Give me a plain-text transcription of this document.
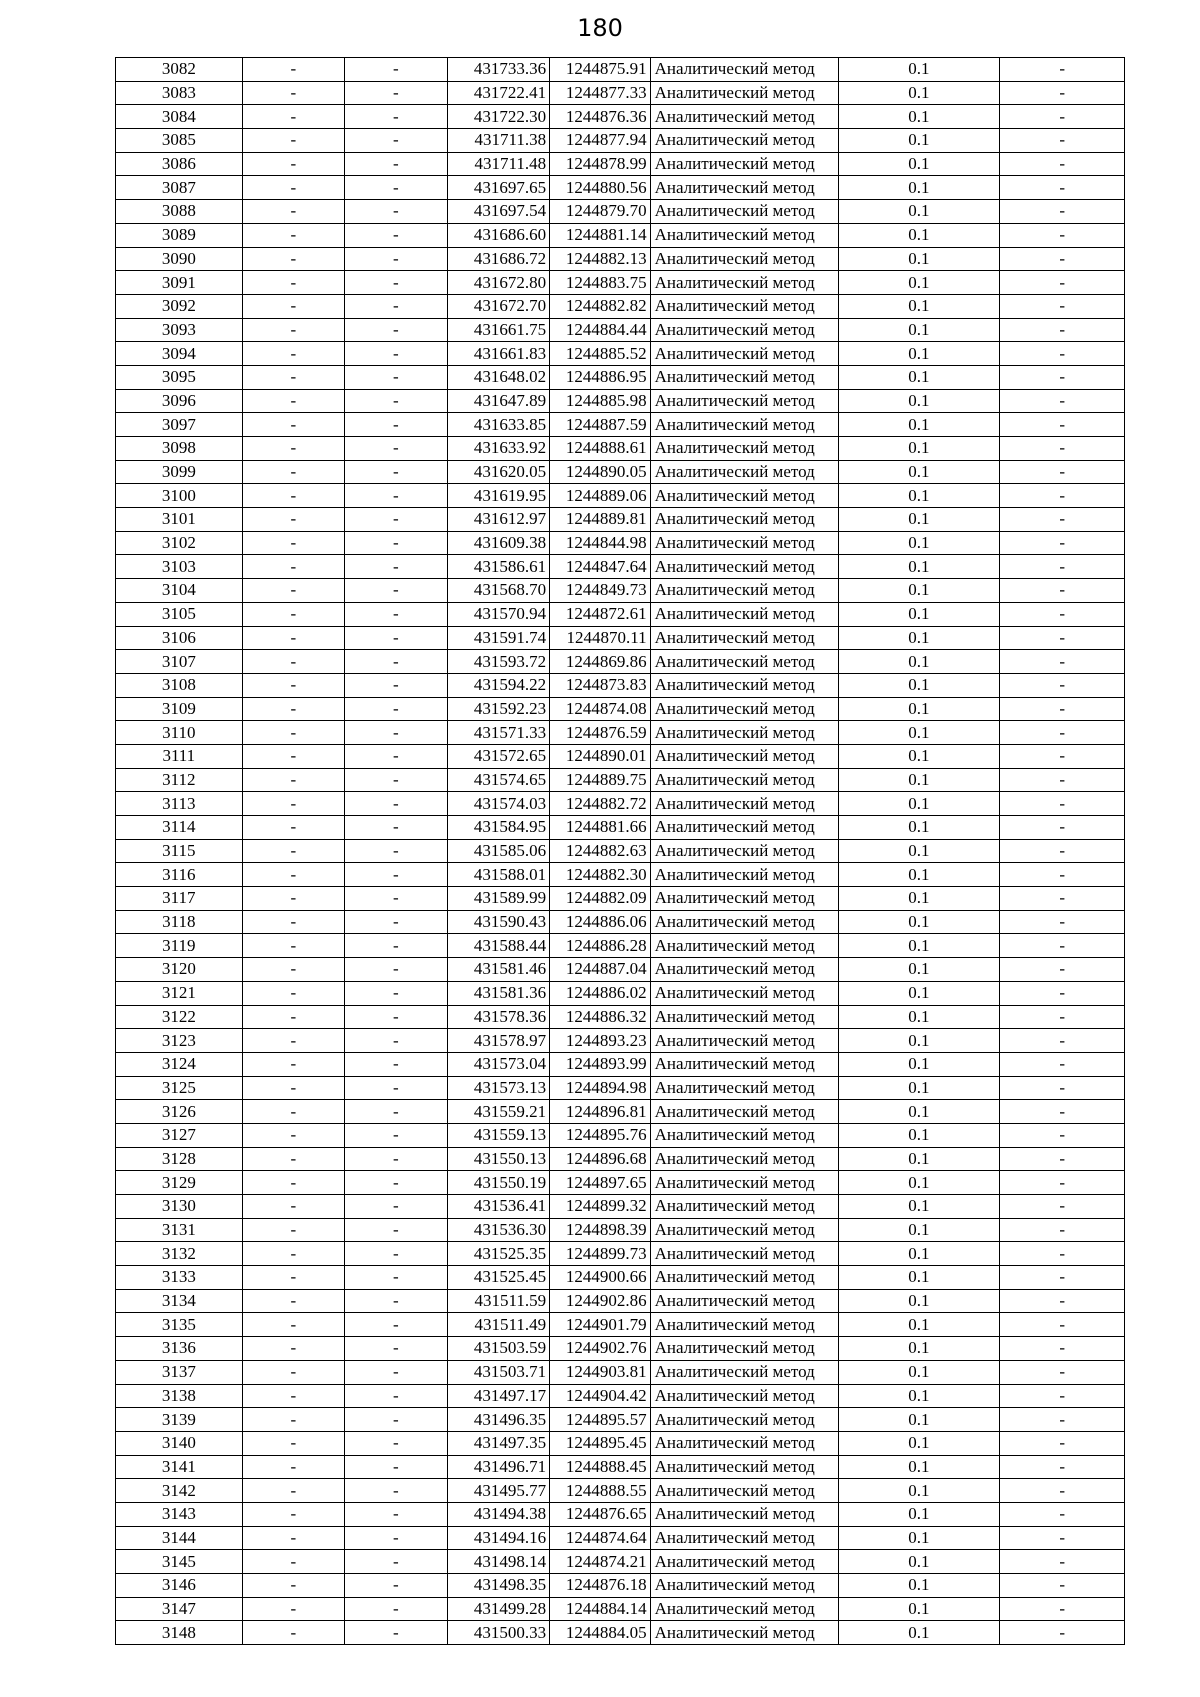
180
3082	-	-	431733.36	1244875.91	Аналитический метод	0.1	-
3083	-	-	431722.41	1244877.33	Аналитический метод	0.1	-
3084	-	-	431722.30	1244876.36	Аналитический метод	0.1	-
3085	-	-	431711.38	1244877.94	Аналитический метод	0.1	-
3086	-	-	431711.48	1244878.99	Аналитический метод	0.1	-
3087	-	-	431697.65	1244880.56	Аналитический метод	0.1	-
3088	-	-	431697.54	1244879.70	Аналитический метод	0.1	-
3089	-	-	431686.60	1244881.14	Аналитический метод	0.1	-
3090	-	-	431686.72	1244882.13	Аналитический метод	0.1	-
3091	-	-	431672.80	1244883.75	Аналитический метод	0.1	-
3092	-	-	431672.70	1244882.82	Аналитический метод	0.1	-
3093	-	-	431661.75	1244884.44	Аналитический метод	0.1	-
3094	-	-	431661.83	1244885.52	Аналитический метод	0.1	-
3095	-	-	431648.02	1244886.95	Аналитический метод	0.1	-
3096	-	-	431647.89	1244885.98	Аналитический метод	0.1	-
3097	-	-	431633.85	1244887.59	Аналитический метод	0.1	-
3098	-	-	431633.92	1244888.61	Аналитический метод	0.1	-
3099	-	-	431620.05	1244890.05	Аналитический метод	0.1	-
3100	-	-	431619.95	1244889.06	Аналитический метод	0.1	-
3101	-	-	431612.97	1244889.81	Аналитический метод	0.1	-
3102	-	-	431609.38	1244844.98	Аналитический метод	0.1	-
3103	-	-	431586.61	1244847.64	Аналитический метод	0.1	-
3104	-	-	431568.70	1244849.73	Аналитический метод	0.1	-
3105	-	-	431570.94	1244872.61	Аналитический метод	0.1	-
3106	-	-	431591.74	1244870.11	Аналитический метод	0.1	-
3107	-	-	431593.72	1244869.86	Аналитический метод	0.1	-
3108	-	-	431594.22	1244873.83	Аналитический метод	0.1	-
3109	-	-	431592.23	1244874.08	Аналитический метод	0.1	-
3110	-	-	431571.33	1244876.59	Аналитический метод	0.1	-
3111	-	-	431572.65	1244890.01	Аналитический метод	0.1	-
3112	-	-	431574.65	1244889.75	Аналитический метод	0.1	-
3113	-	-	431574.03	1244882.72	Аналитический метод	0.1	-
3114	-	-	431584.95	1244881.66	Аналитический метод	0.1	-
3115	-	-	431585.06	1244882.63	Аналитический метод	0.1	-
3116	-	-	431588.01	1244882.30	Аналитический метод	0.1	-
3117	-	-	431589.99	1244882.09	Аналитический метод	0.1	-
3118	-	-	431590.43	1244886.06	Аналитический метод	0.1	-
3119	-	-	431588.44	1244886.28	Аналитический метод	0.1	-
3120	-	-	431581.46	1244887.04	Аналитический метод	0.1	-
3121	-	-	431581.36	1244886.02	Аналитический метод	0.1	-
3122	-	-	431578.36	1244886.32	Аналитический метод	0.1	-
3123	-	-	431578.97	1244893.23	Аналитический метод	0.1	-
3124	-	-	431573.04	1244893.99	Аналитический метод	0.1	-
3125	-	-	431573.13	1244894.98	Аналитический метод	0.1	-
3126	-	-	431559.21	1244896.81	Аналитический метод	0.1	-
3127	-	-	431559.13	1244895.76	Аналитический метод	0.1	-
3128	-	-	431550.13	1244896.68	Аналитический метод	0.1	-
3129	-	-	431550.19	1244897.65	Аналитический метод	0.1	-
3130	-	-	431536.41	1244899.32	Аналитический метод	0.1	-
3131	-	-	431536.30	1244898.39	Аналитический метод	0.1	-
3132	-	-	431525.35	1244899.73	Аналитический метод	0.1	-
3133	-	-	431525.45	1244900.66	Аналитический метод	0.1	-
3134	-	-	431511.59	1244902.86	Аналитический метод	0.1	-
3135	-	-	431511.49	1244901.79	Аналитический метод	0.1	-
3136	-	-	431503.59	1244902.76	Аналитический метод	0.1	-
3137	-	-	431503.71	1244903.81	Аналитический метод	0.1	-
3138	-	-	431497.17	1244904.42	Аналитический метод	0.1	-
3139	-	-	431496.35	1244895.57	Аналитический метод	0.1	-
3140	-	-	431497.35	1244895.45	Аналитический метод	0.1	-
3141	-	-	431496.71	1244888.45	Аналитический метод	0.1	-
3142	-	-	431495.77	1244888.55	Аналитический метод	0.1	-
3143	-	-	431494.38	1244876.65	Аналитический метод	0.1	-
3144	-	-	431494.16	1244874.64	Аналитический метод	0.1	-
3145	-	-	431498.14	1244874.21	Аналитический метод	0.1	-
3146	-	-	431498.35	1244876.18	Аналитический метод	0.1	-
3147	-	-	431499.28	1244884.14	Аналитический метод	0.1	-
3148	-	-	431500.33	1244884.05	Аналитический метод	0.1	-
